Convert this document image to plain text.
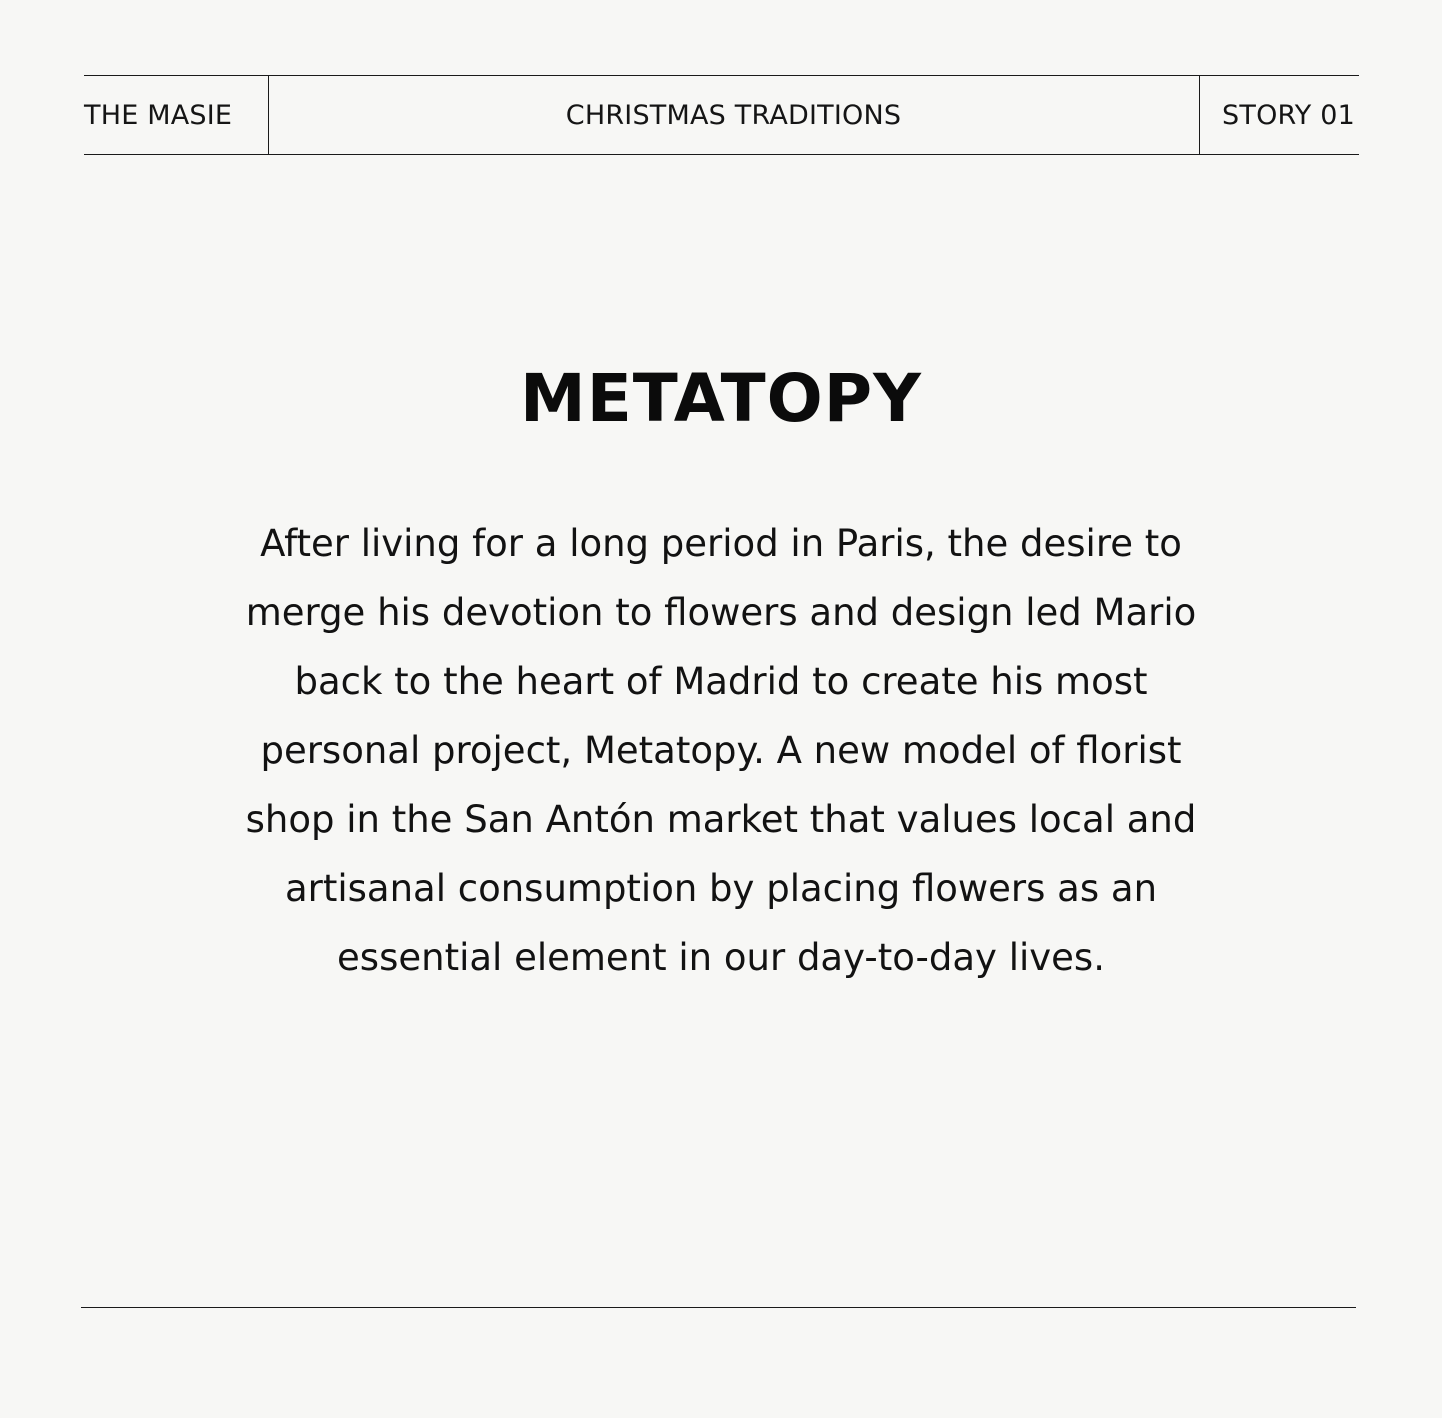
THE MASIE	CHRISTMAS TRADITIONS	STORY 01
METATOPY

After living for a long period in Paris, the desire to merge his devotion to flowers and design led Mario back to the heart of Madrid to create his most personal project, Metatopy. A new model of florist shop in the San Antón market that values local and artisanal consumption by placing flowers as an essential element in our day-to-day lives.
